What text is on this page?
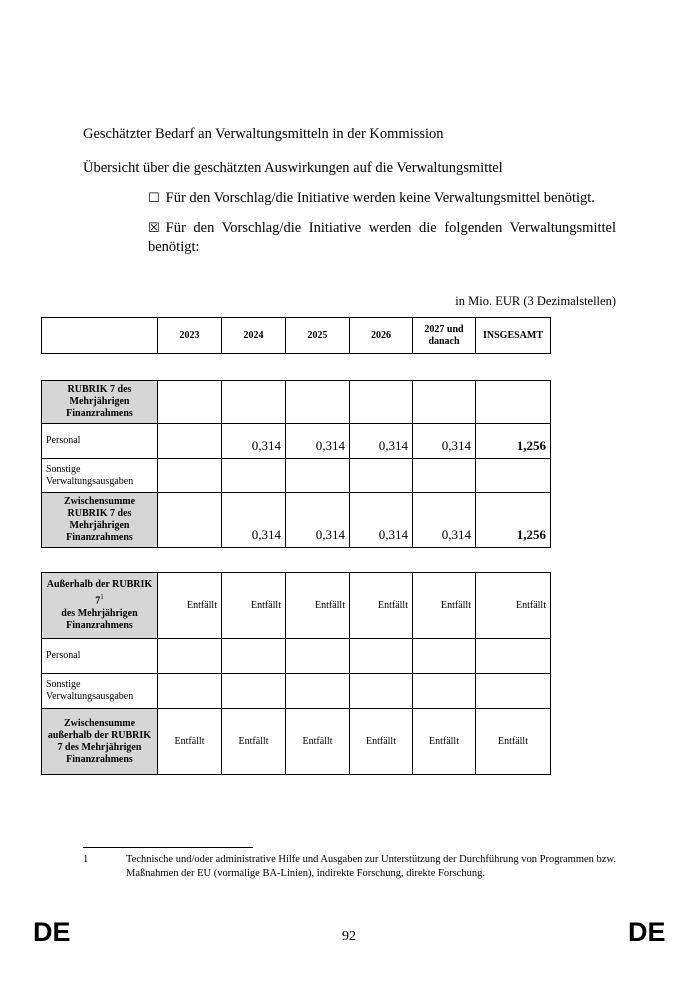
Geschätzter Bedarf an Verwaltungsmitteln in der Kommission
Übersicht über die geschätzten Auswirkungen auf die Verwaltungsmittel
☐ Für den Vorschlag/die Initiative werden keine Verwaltungsmittel benötigt.
☒ Für den Vorschlag/die Initiative werden die folgenden Verwaltungsmittel benötigt:
in Mio. EUR (3 Dezimalstellen)
	2023	2024	2025	2026	2027 und danach	INSGESAMT
RUBRIK 7 des Mehrjährigen Finanzrahmens						
Personal		0,314	0,314	0,314	0,314	1,256
Sonstige Verwaltungsausgaben						
Zwischensumme RUBRIK 7 des Mehrjährigen Finanzrahmens		0,314	0,314	0,314	0,314	1,256
Außerhalb der RUBRIK $7^1$
des Mehrjährigen Finanzrahmens	Entfällt	Entfällt	Entfällt	Entfällt	Entfällt	Entfällt
Personal						
Sonstige Verwaltungsausgaben						
Zwischensumme außerhalb der RUBRIK 7 des Mehrjährigen Finanzrahmens	Entfällt	Entfällt	Entfällt	Entfällt	Entfällt	Entfällt
1	Technische und/oder administrative Hilfe und Ausgaben zur Unterstützung der Durchführung von Programmen bzw. Maßnahmen der EU (vormalige BA-Linien), indirekte Forschung, direkte Forschung.
DE	92	DE
